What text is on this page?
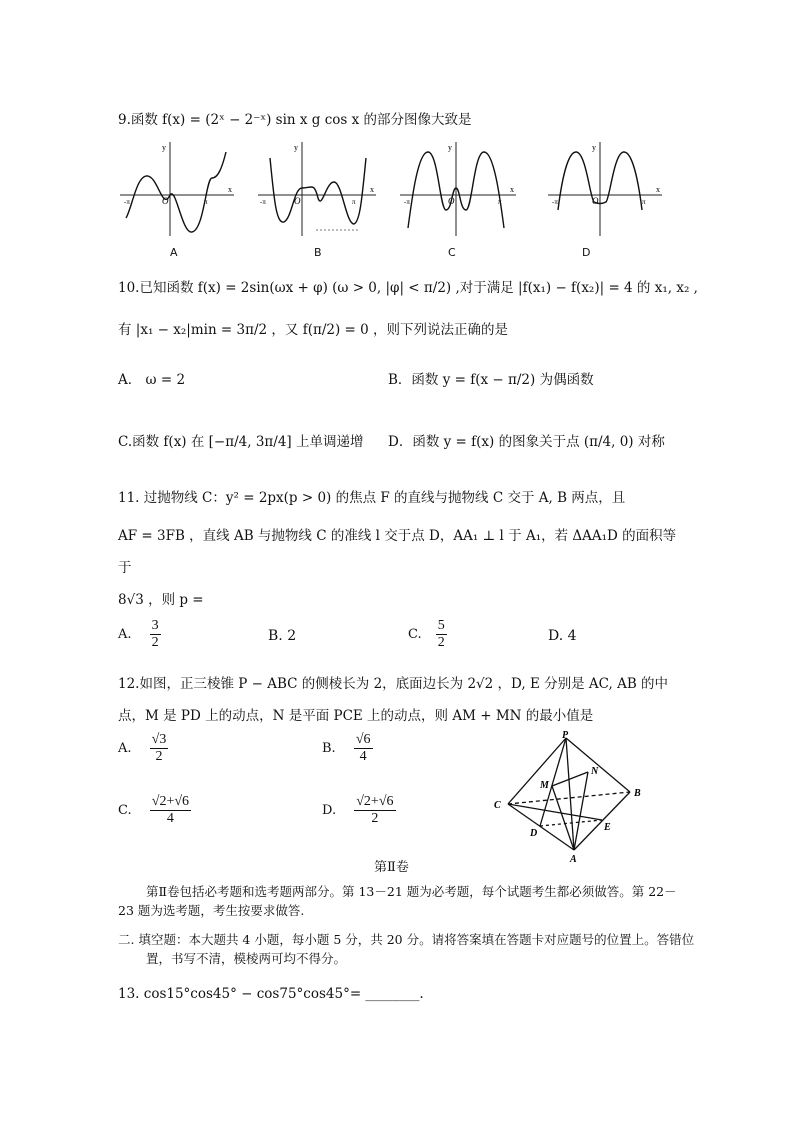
9.函数 f(x) = (2ˣ − 2⁻ˣ) sin x g cos x 的部分图像大致是
y
x
-π	O	π
A
y
x
-π	O	π
B
y
x
-π	O	π
C
y
x
-π	O	π
D
10.已知函数 f(x) = 2sin(ωx + φ) (ω > 0, |φ| < π/2) ,对于满足 |f(x₁) − f(x₂)| = 4 的 x₁, x₂ ,
有 |x₁ − x₂|min = 3π/2 ，又 f(π/2) = 0 ，则下列说法正确的是
A． ω = 2	B．函数 y = f(x − π/2) 为偶函数
C.函数 f(x) 在 [−π/4, 3π/4] 上单调递增 D．函数 y = f(x) 的图象关于点 (π/4, 0) 对称
11. 过抛物线 C：y² = 2px(p > 0) 的焦点 F 的直线与抛物线 C 交于 A, B 两点，且
AF = 3FB ，直线 AB 与抛物线 C 的准线 l 交于点 D，AA₁ ⊥ l 于 A₁，若 ΔAA₁D 的面积等
于
8√3 ，则 p =
A. $\frac{3}{2}$	B. 2	C. $\frac{5}{2}$	D. 4
12.如图，正三棱锥 P − ABC 的侧棱长为 2，底面边长为 2√2 ，D, E 分别是 AC, AB 的中
点，M 是 PD 上的动点，N 是平面 PCE 上的动点，则 AM + MN 的最小值是
A. $\frac{√3}{2}$	B. $\frac{√6}{4}$
C. $\frac{√2+√6}{4}$	D. $\frac{√2+√6}{2}$
P
N
M
C
B
D
E
A
第Ⅱ卷
第Ⅱ卷包括必考题和选考题两部分。第 13－21 题为必考题，每个试题考生都必须做答。第 22－23 题为选考题，考生按要求做答.
二. 填空题：本大题共 4 小题，每小题 5 分，共 20 分。请将答案填在答题卡对应题号的位置上。答错位置，书写不清，模棱两可均不得分。
13. cos15°cos45° − cos75°cos45°= ________.
